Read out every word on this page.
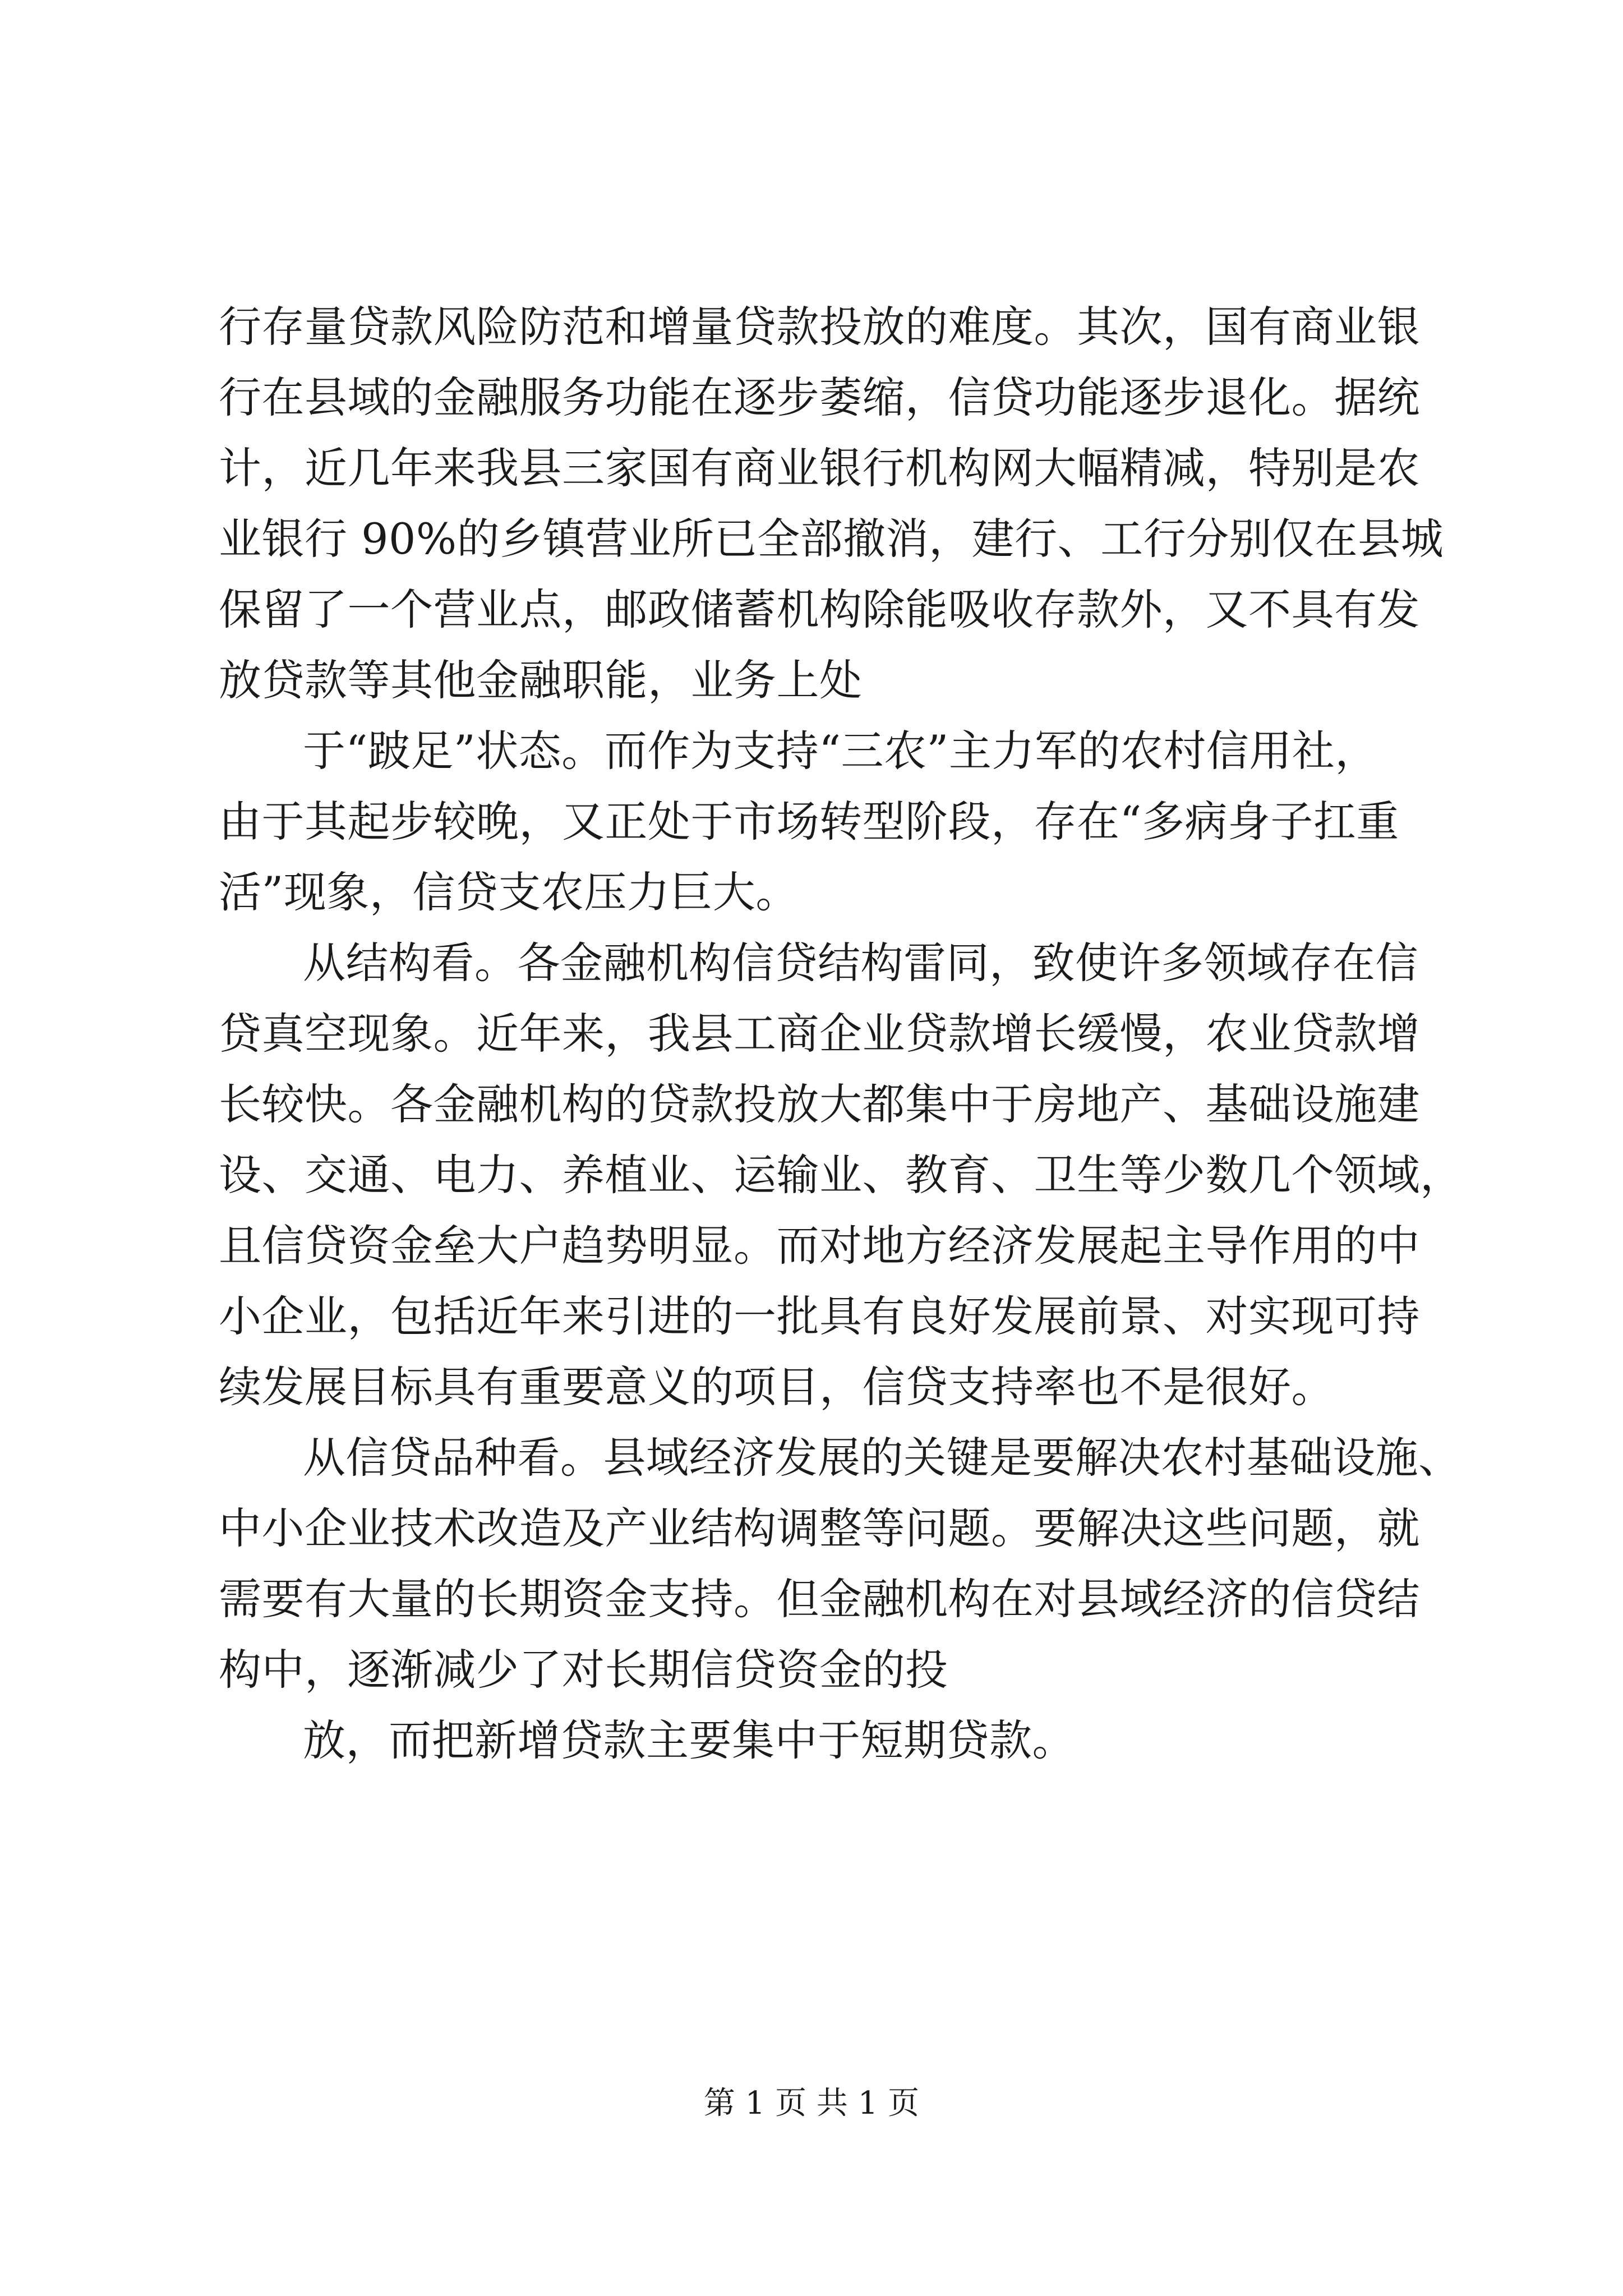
行存量贷款风险防范和增量贷款投放的难度。其次，国有商业银
行在县域的金融服务功能在逐步萎缩，信贷功能逐步退化。据统
计，近几年来我县三家国有商业银行机构网大幅精减，特别是农
业银行 90%的乡镇营业所已全部撤消，建行、工行分别仅在县城
保留了一个营业点，邮政储蓄机构除能吸收存款外，又不具有发
放贷款等其他金融职能，业务上处
于“跛足”状态。而作为支持“三农”主力军的农村信用社，
由于其起步较晚，又正处于市场转型阶段，存在“多病身子扛重
活”现象，信贷支农压力巨大。
从结构看。各金融机构信贷结构雷同，致使许多领域存在信
贷真空现象。近年来，我县工商企业贷款增长缓慢，农业贷款增
长较快。各金融机构的贷款投放大都集中于房地产、基础设施建
设、交通、电力、养植业、运输业、教育、卫生等少数几个领域，
且信贷资金垒大户趋势明显。而对地方经济发展起主导作用的中
小企业，包括近年来引进的一批具有良好发展前景、对实现可持
续发展目标具有重要意义的项目，信贷支持率也不是很好。
从信贷品种看。县域经济发展的关键是要解决农村基础设施、
中小企业技术改造及产业结构调整等问题。要解决这些问题，就
需要有大量的长期资金支持。但金融机构在对县域经济的信贷结
构中，逐渐减少了对长期信贷资金的投
放，而把新增贷款主要集中于短期贷款。
第 1 页 共 1 页
